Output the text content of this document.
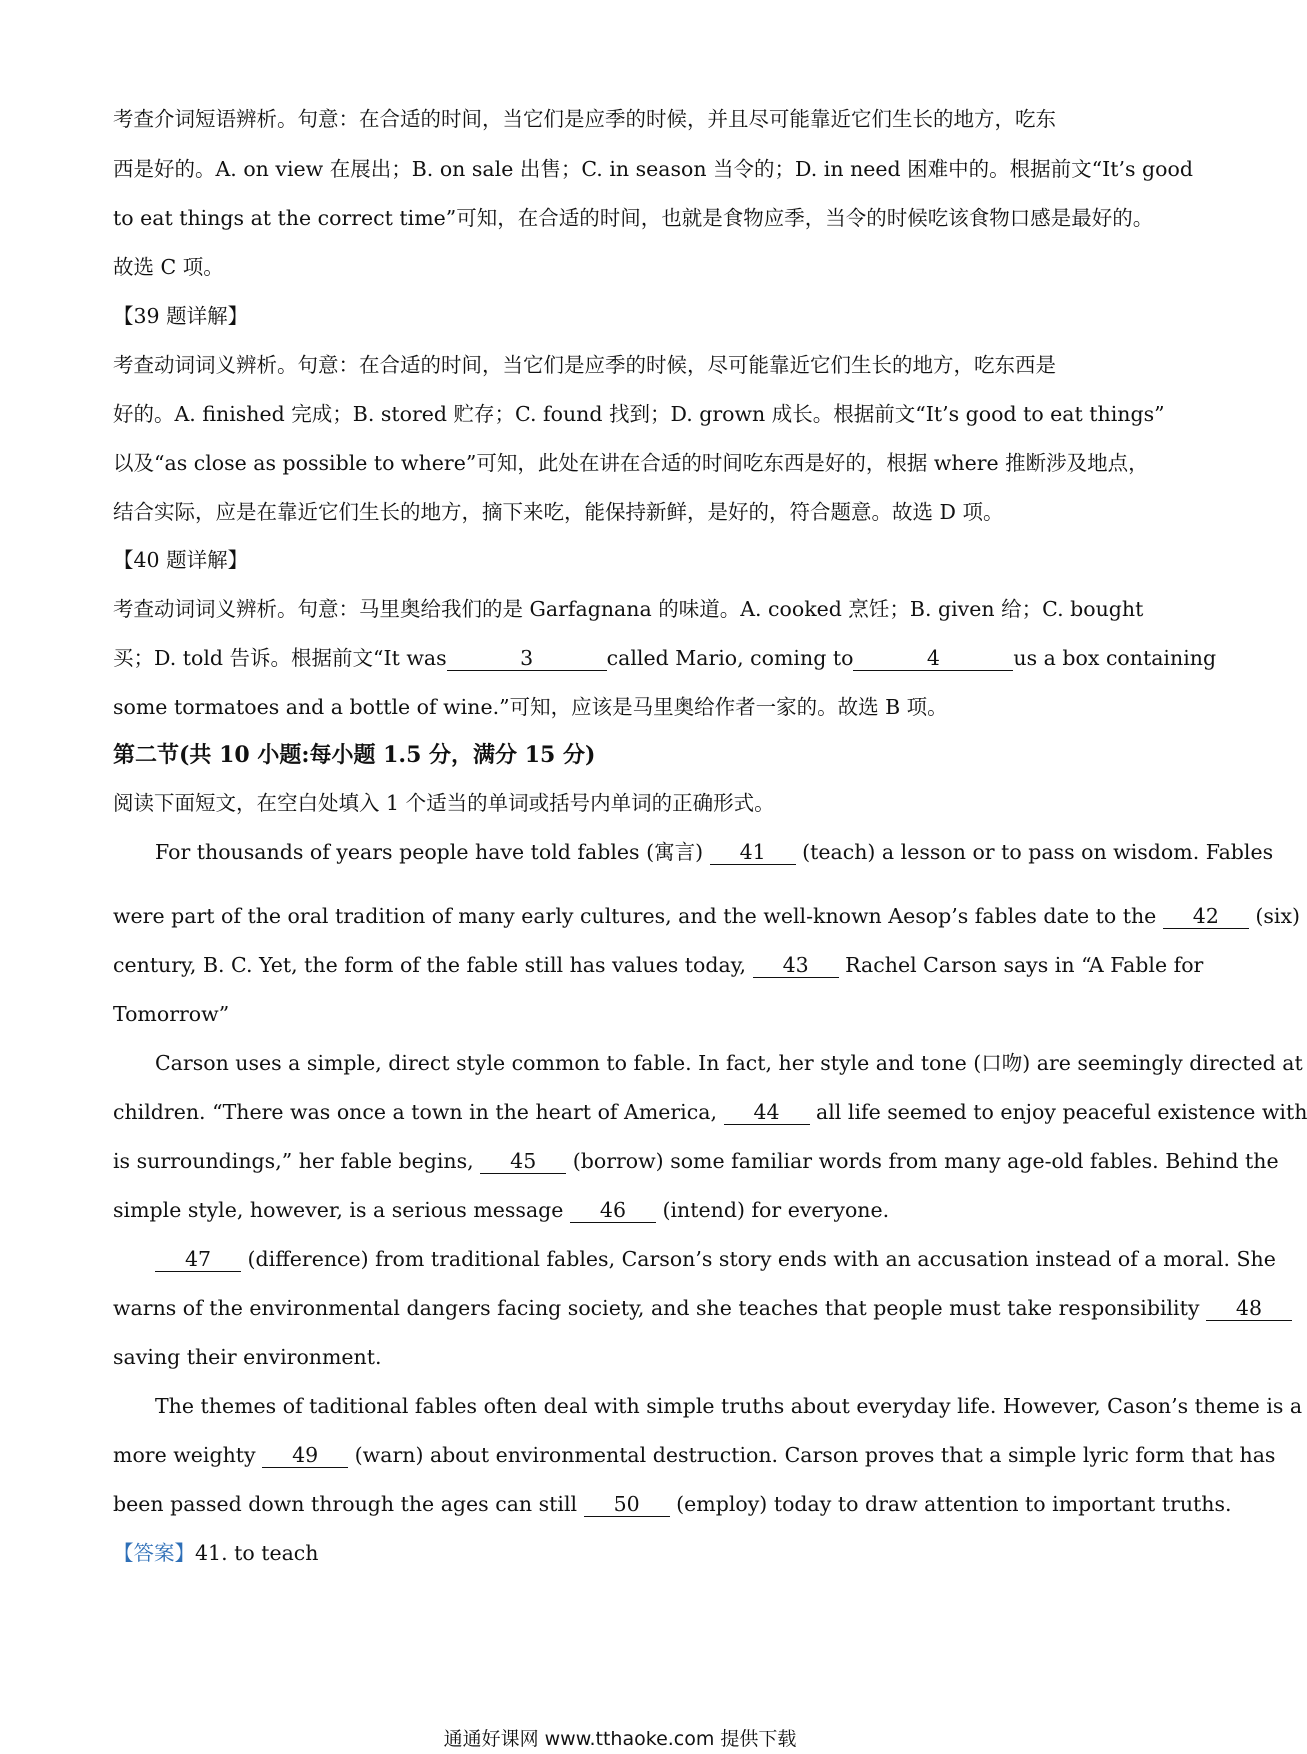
考查介词短语辨析。句意：在合适的时间，当它们是应季的时候，并且尽可能靠近它们生长的地方，吃东
西是好的。A. on view 在展出；B. on sale 出售；C. in season 当令的；D. in need 困难中的。根据前文“It’s good
to eat things at the correct time”可知，在合适的时间，也就是食物应季，当令的时候吃该食物口感是最好的。
故选 C 项。
【39 题详解】
考查动词词义辨析。句意：在合适的时间，当它们是应季的时候，尽可能靠近它们生长的地方，吃东西是
好的。A. finished 完成；B. stored 贮存；C. found 找到；D. grown 成长。根据前文“It’s good to eat things”
以及“as close as possible to where”可知，此处在讲在合适的时间吃东西是好的，根据 where 推断涉及地点，
结合实际，应是在靠近它们生长的地方，摘下来吃，能保持新鲜，是好的，符合题意。故选 D 项。
【40 题详解】
考查动词词义辨析。句意：马里奥给我们的是 Garfagnana 的味道。A. cooked 烹饪；B. given 给；C. bought
买；D. told 告诉。根据前文“It was	3	called Mario, coming to	4	us a box containing
some tormatoes and a bottle of wine.”可知，应该是马里奥给作者一家的。故选 B 项。
第二节(共 10 小题:每小题 1.5 分，满分 15 分)
阅读下面短文，在空白处填入 1 个适当的单词或括号内单词的正确形式。
For thousands of years people have told fables (寓言) 41 (teach) a lesson or to pass on wisdom. Fables
were part of the oral tradition of many early cultures, and the well-known Aesop’s fables date to the 42 (six)
century, B. C. Yet, the form of the fable still has values today, 43 Rachel Carson says in “A Fable for
Tomorrow”
Carson uses a simple, direct style common to fable. In fact, her style and tone (口吻) are seemingly directed at
children. “There was once a town in the heart of America, 44 all life seemed to enjoy peaceful existence with
is surroundings,” her fable begins, 45 (borrow) some familiar words from many age-old fables. Behind the
simple style, however, is a serious message 46 (intend) for everyone.
47 (difference) from traditional fables, Carson’s story ends with an accusation instead of a moral. She
warns of the environmental dangers facing society, and she teaches that people must take responsibility 48
saving their environment.
The themes of taditional fables often deal with simple truths about everyday life. However, Cason’s theme is a
more weighty 49 (warn) about environmental destruction. Carson proves that a simple lyric form that has
been passed down through the ages can still 50 (employ) today to draw attention to important truths.
【答案】41. to teach
通通好课网 www.tthaoke.com 提供下载
